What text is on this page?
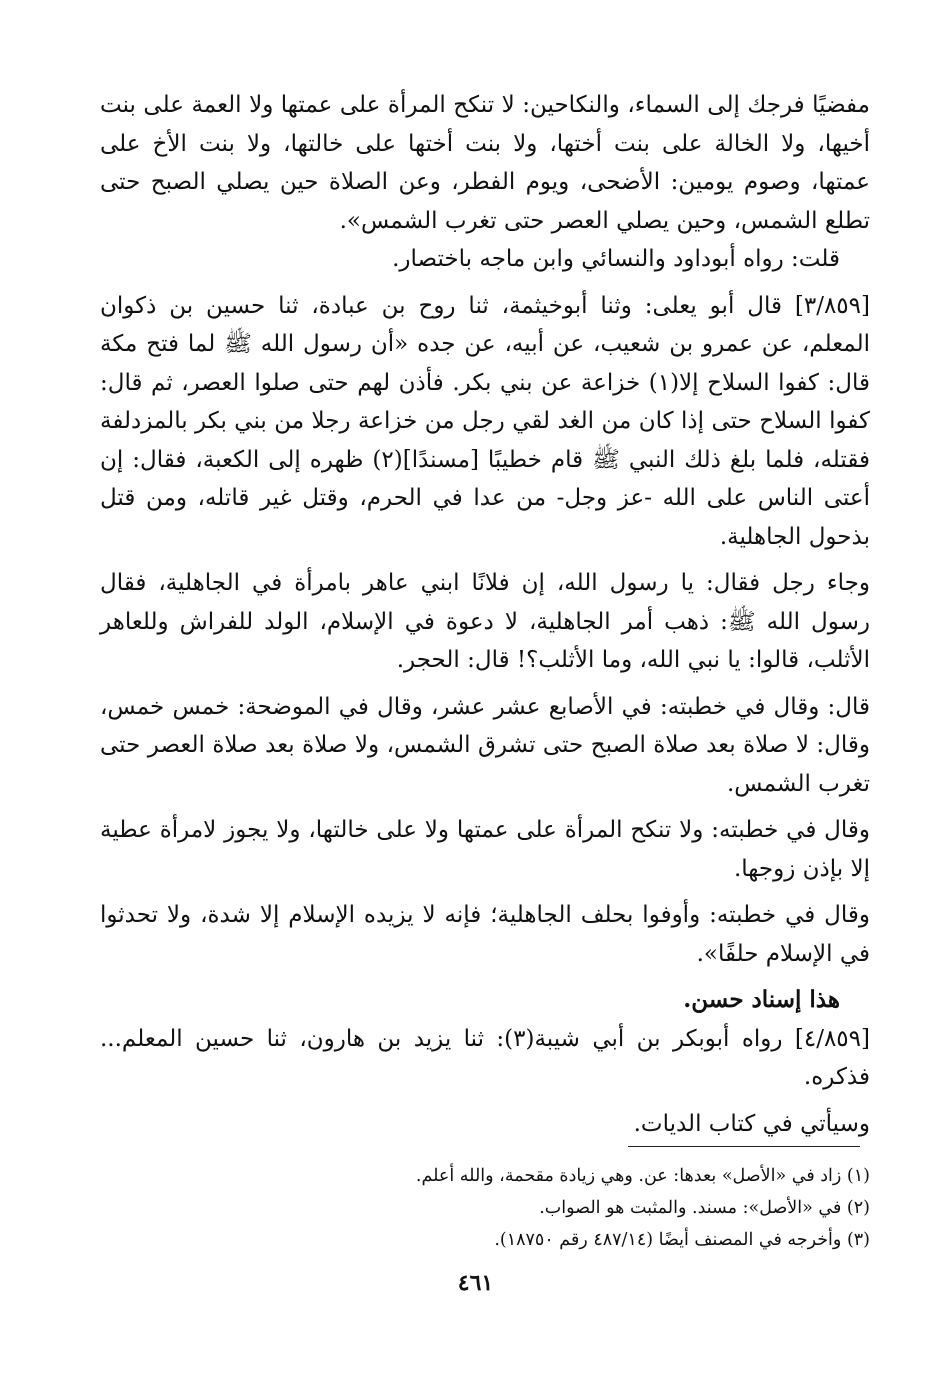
مفضيًا فرجك إلى السماء، والنكاحين: لا تنكح المرأة على عمتها ولا العمة على بنت أخيها، ولا الخالة على بنت أختها، ولا بنت أختها على خالتها، ولا بنت الأخ على عمتها، وصوم يومين: الأضحى، ويوم الفطر، وعن الصلاة حين يصلي الصبح حتى تطلع الشمس، وحين يصلي العصر حتى تغرب الشمس».

قلت: رواه أبوداود والنسائي وابن ماجه باختصار.

[٣/٨٥٩] قال أبو يعلى: وثنا أبوخيثمة، ثنا روح بن عبادة، ثنا حسين بن ذكوان المعلم، عن عمرو بن شعيب، عن أبيه، عن جده «أن رسول الله ﷺ لما فتح مكة قال: كفوا السلاح إلا(١) خزاعة عن بني بكر. فأذن لهم حتى صلوا العصر، ثم قال: كفوا السلاح حتى إذا كان من الغد لقي رجل من خزاعة رجلا من بني بكر بالمزدلفة فقتله، فلما بلغ ذلك النبي ﷺ قام خطيبًا [مسندًا](٢) ظهره إلى الكعبة، فقال: إن أعتى الناس على الله -عز وجل- من عدا في الحرم، وقتل غير قاتله، ومن قتل بذحول الجاهلية.

وجاء رجل فقال: يا رسول الله، إن فلانًا ابني عاهر بامرأة في الجاهلية، فقال رسول الله ﷺ: ذهب أمر الجاهلية، لا دعوة في الإسلام، الولد للفراش وللعاهر الأثلب، قالوا: يا نبي الله، وما الأثلب؟! قال: الحجر.

قال: وقال في خطبته: في الأصابع عشر عشر، وقال في الموضحة: خمس خمس، وقال: لا صلاة بعد صلاة الصبح حتى تشرق الشمس، ولا صلاة بعد صلاة العصر حتى تغرب الشمس.

وقال في خطبته: ولا تنكح المرأة على عمتها ولا على خالتها، ولا يجوز لامرأة عطية إلا بإذن زوجها.

وقال في خطبته: وأوفوا بحلف الجاهلية؛ فإنه لا يزيده الإسلام إلا شدة، ولا تحدثوا في الإسلام حلفًا».

هذا إسناد حسن.

[٤/٨٥٩] رواه أبوبكر بن أبي شيبة(٣): ثنا يزيد بن هارون، ثنا حسين المعلم... فذكره.

وسيأتي في كتاب الديات.

(١) زاد في «الأصل» بعدها: عن. وهي زيادة مقحمة، والله أعلم.

(٢) في «الأصل»: مسند. والمثبت هو الصواب.

(٣) وأخرجه في المصنف أيضًا (٤٨٧/١٤ رقم ١٨٧٥٠).

٤٦١
